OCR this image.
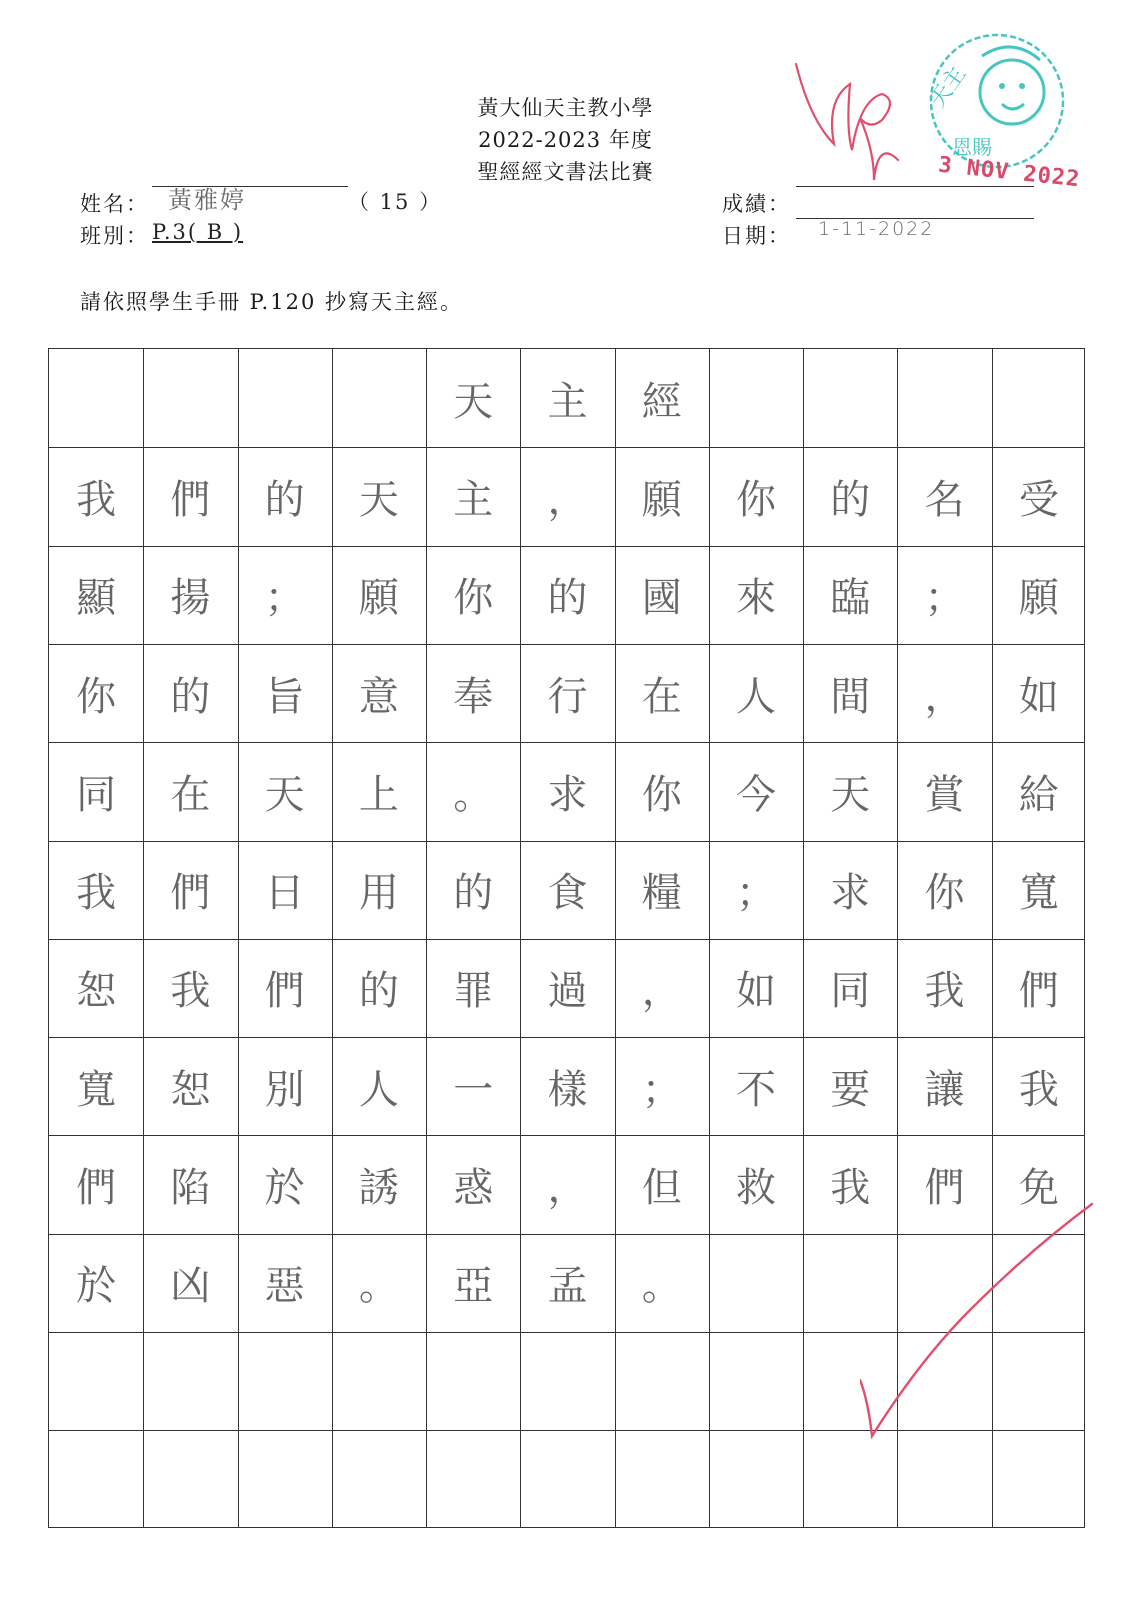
黃大仙天主教小學
2022-2023 年度
聖經經文書法比賽
姓名： 黃雅婷	（ 15 ）
班別： P.3( B )
成績：
日期： 1-11-2022
請依照學生手冊 P.120 抄寫天主經。
天主
恩賜
3 NOV 2022
天	主	經
我	們	的	天	主	，	願	你	的	名	受
顯	揚	；	願	你	的	國	來	臨	；	願
你	的	旨	意	奉	行	在	人	間	，	如
同	在	天	上	。	求	你	今	天	賞	給
我	們	日	用	的	食	糧	；	求	你	寬
恕	我	們	的	罪	過	，	如	同	我	們
寬	恕	別	人	一	樣	；	不	要	讓	我
們	陷	於	誘	惑	，	但	救	我	們	免
於	凶	惡	。	亞	孟	。
